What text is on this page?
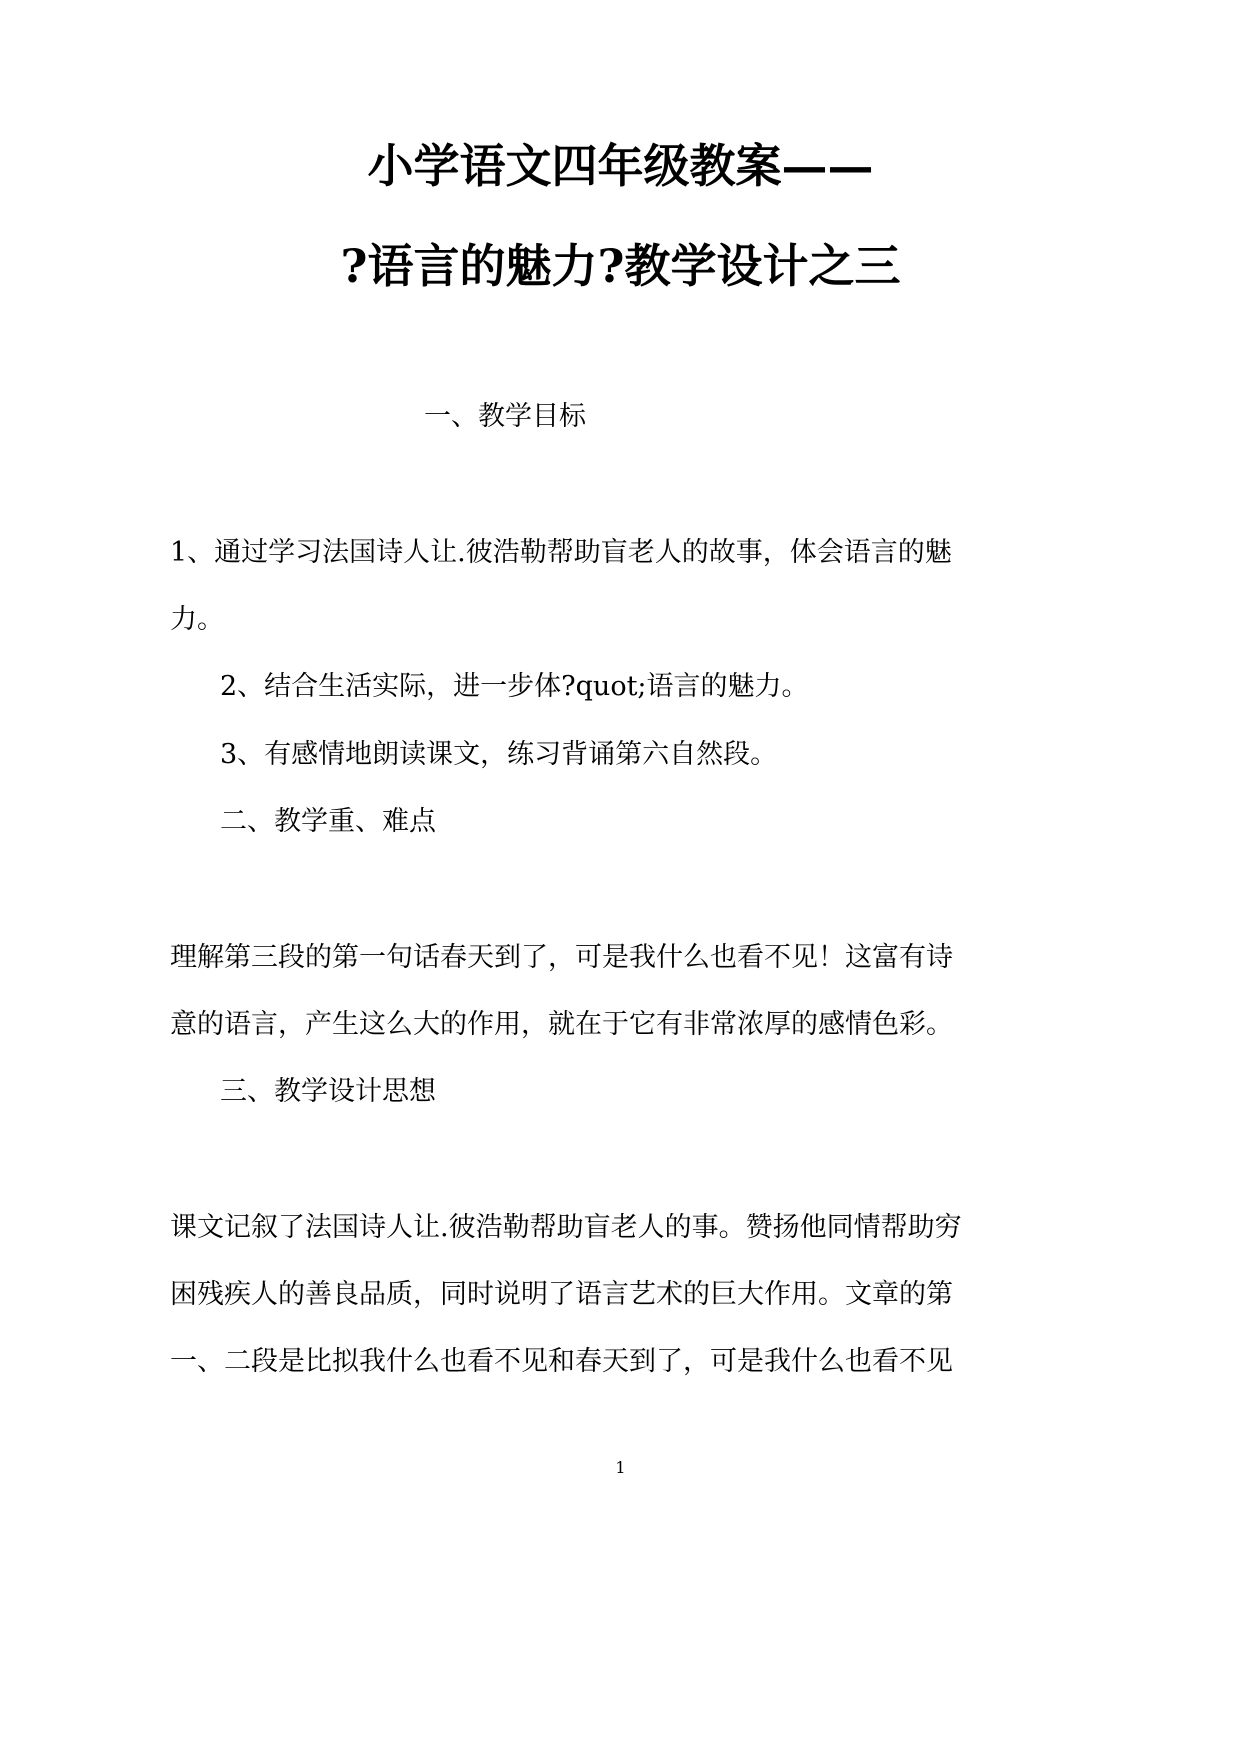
小学语文四年级教案——
?语言的魅力?教学设计之三
一、教学目标
1、通过学习法国诗人让.彼浩勒帮助盲老人的故事，体会语言的魅
力。
2、结合生活实际，进一步体?quot;语言的魅力。
3、有感情地朗读课文，练习背诵第六自然段。
二、教学重、难点
理解第三段的第一句话春天到了，可是我什么也看不见！这富有诗
意的语言，产生这么大的作用，就在于它有非常浓厚的感情色彩。
三、教学设计思想
课文记叙了法国诗人让.彼浩勒帮助盲老人的事。赞扬他同情帮助穷
困残疾人的善良品质，同时说明了语言艺术的巨大作用。文章的第
一、二段是比拟我什么也看不见和春天到了，可是我什么也看不见
1
